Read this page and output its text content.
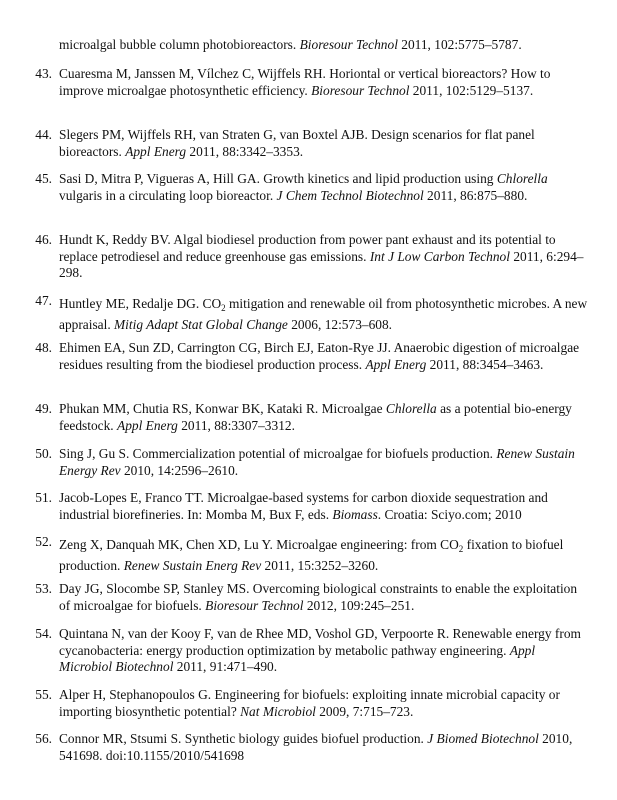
microalgal bubble column photobioreactors. Bioresour Technol 2011, 102:5775–5787.
43. Cuaresma M, Janssen M, Vílchez C, Wijffels RH. Horiontal or vertical bioreactors? How to improve microalgae photosynthetic efficiency. Bioresour Technol 2011, 102:5129–5137.
44. Slegers PM, Wijffels RH, van Straten G, van Boxtel AJB. Design scenarios for flat panel bioreactors. Appl Energ 2011, 88:3342–3353.
45. Sasi D, Mitra P, Vigueras A, Hill GA. Growth kinetics and lipid production using Chlorella vulgaris in a circulating loop bioreactor. J Chem Technol Biotechnol 2011, 86:875–880.
46. Hundt K, Reddy BV. Algal biodiesel production from power pant exhaust and its potential to replace petrodiesel and reduce greenhouse gas emissions. Int J Low Carbon Technol 2011, 6:294–298.
47. Huntley ME, Redalje DG. $CO_2$ mitigation and renewable oil from photosynthetic microbes. A new appraisal. Mitig Adapt Stat Global Change 2006, 12:573–608.
48. Ehimen EA, Sun ZD, Carrington CG, Birch EJ, Eaton-Rye JJ. Anaerobic digestion of microalgae residues resulting from the biodiesel production process. Appl Energ 2011, 88:3454–3463.
49. Phukan MM, Chutia RS, Konwar BK, Kataki R. Microalgae Chlorella as a potential bio-energy feedstock. Appl Energ 2011, 88:3307–3312.
50. Sing J, Gu S. Commercialization potential of microalgae for biofuels production. Renew Sustain Energy Rev 2010, 14:2596–2610.
51. Jacob-Lopes E, Franco TT. Microalgae-based systems for carbon dioxide sequestration and industrial biorefineries. In: Momba M, Bux F, eds. Biomass. Croatia: Sciyo.com; 2010
52. Zeng X, Danquah MK, Chen XD, Lu Y. Microalgae engineering: from $CO_2$ fixation to biofuel production. Renew Sustain Energ Rev 2011, 15:3252–3260.
53. Day JG, Slocombe SP, Stanley MS. Overcoming biological constraints to enable the exploitation of microalgae for biofuels. Bioresour Technol 2012, 109:245–251.
54. Quintana N, van der Kooy F, van de Rhee MD, Voshol GD, Verpoorte R. Renewable energy from cycanobacteria: energy production optimization by metabolic pathway engineering. Appl Microbiol Biotechnol 2011, 91:471–490.
55. Alper H, Stephanopoulos G. Engineering for biofuels: exploiting innate microbial capacity or importing biosynthetic potential? Nat Microbiol 2009, 7:715–723.
56. Connor MR, Stsumi S. Synthetic biology guides biofuel production. J Biomed Biotechnol 2010, 541698. doi:10.1155/2010/541698
